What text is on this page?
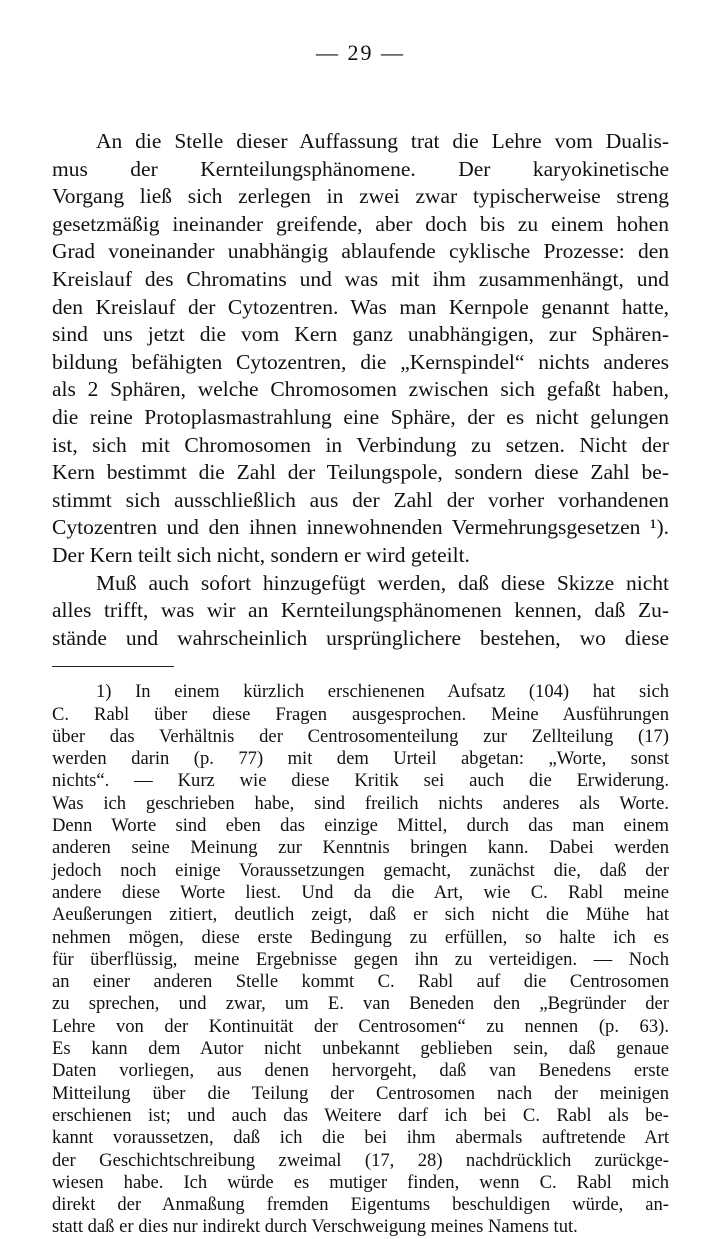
— 29 —

An die Stelle dieser Auffassung trat die Lehre vom Dualis-
mus der Kernteilungsphänomene. Der karyokinetische
Vorgang ließ sich zerlegen in zwei zwar typischerweise streng
gesetzmäßig ineinander greifende, aber doch bis zu einem hohen
Grad voneinander unabhängig ablaufende cyklische Prozesse: den
Kreislauf des Chromatins und was mit ihm zusammenhängt, und
den Kreislauf der Cytozentren. Was man Kernpole genannt hatte,
sind uns jetzt die vom Kern ganz unabhängigen, zur Sphären-
bildung befähigten Cytozentren, die „Kernspindel“ nichts anderes
als 2 Sphären, welche Chromosomen zwischen sich gefaßt haben,
die reine Protoplasmastrahlung eine Sphäre, der es nicht gelungen
ist, sich mit Chromosomen in Verbindung zu setzen. Nicht der
Kern bestimmt die Zahl der Teilungspole, sondern diese Zahl be-
stimmt sich ausschließlich aus der Zahl der vorher vorhandenen
Cytozentren und den ihnen innewohnenden Vermehrungsgesetzen ¹).
Der Kern teilt sich nicht, sondern er wird geteilt.

Muß auch sofort hinzugefügt werden, daß diese Skizze nicht
alles trifft, was wir an Kernteilungsphänomenen kennen, daß Zu-
stände und wahrscheinlich ursprünglichere bestehen, wo diese

1) In einem kürzlich erschienenen Aufsatz (104) hat sich
C. Rabl über diese Fragen ausgesprochen. Meine Ausführungen
über das Verhältnis der Centrosomenteilung zur Zellteilung (17)
werden darin (p. 77) mit dem Urteil abgetan: „Worte, sonst
nichts“. — Kurz wie diese Kritik sei auch die Erwiderung.
Was ich geschrieben habe, sind freilich nichts anderes als Worte.
Denn Worte sind eben das einzige Mittel, durch das man einem
anderen seine Meinung zur Kenntnis bringen kann. Dabei werden
jedoch noch einige Voraussetzungen gemacht, zunächst die, daß der
andere diese Worte liest. Und da die Art, wie C. Rabl meine
Aeußerungen zitiert, deutlich zeigt, daß er sich nicht die Mühe hat
nehmen mögen, diese erste Bedingung zu erfüllen, so halte ich es
für überflüssig, meine Ergebnisse gegen ihn zu verteidigen. — Noch
an einer anderen Stelle kommt C. Rabl auf die Centrosomen
zu sprechen, und zwar, um E. van Beneden den „Begründer der
Lehre von der Kontinuität der Centrosomen“ zu nennen (p. 63).
Es kann dem Autor nicht unbekannt geblieben sein, daß genaue
Daten vorliegen, aus denen hervorgeht, daß van Benedens erste
Mitteilung über die Teilung der Centrosomen nach der meinigen
erschienen ist; und auch das Weitere darf ich bei C. Rabl als be-
kannt voraussetzen, daß ich die bei ihm abermals auftretende Art
der Geschichtschreibung zweimal (17, 28) nachdrücklich zurückge-
wiesen habe. Ich würde es mutiger finden, wenn C. Rabl mich
direkt der Anmaßung fremden Eigentums beschuldigen würde, an-
statt daß er dies nur indirekt durch Verschweigung meines Namens tut.
